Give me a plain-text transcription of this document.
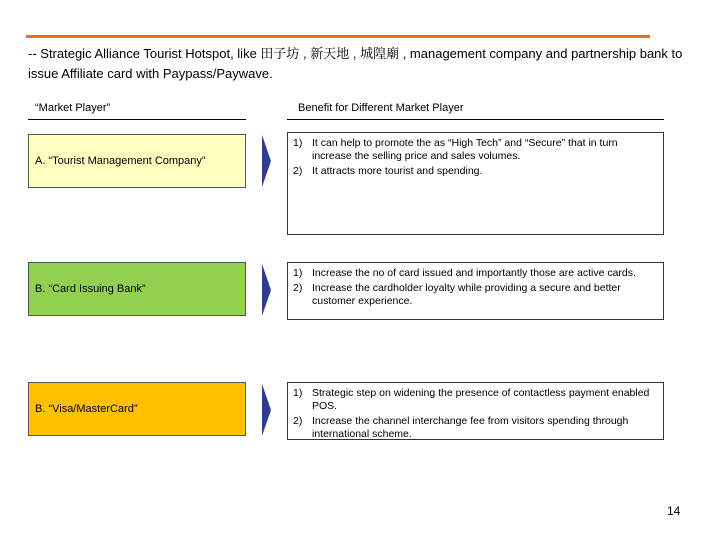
-- Strategic Alliance Tourist Hotspot, like 田子坊 , 新天地 , 城隍廟 , management company and partnership bank to issue Affiliate card with Paypass/Paywave.
“Market Player”	Benefit for Different Market Player
A. “Tourist Management Company”
1) It can help to promote the as “High Tech” and “Secure” that in turn increase the selling price and sales volumes.
2) It attracts more tourist and spending.
B. “Card Issuing Bank”
1) Increase the no of card issued and importantly those are active cards.
2) Increase the cardholder loyalty while providing a secure and better customer experience.
B. “Visa/MasterCard”
1) Strategic step on widening the presence of contactless payment enabled POS.
2) Increase the channel interchange fee from visitors spending through international scheme.
14
